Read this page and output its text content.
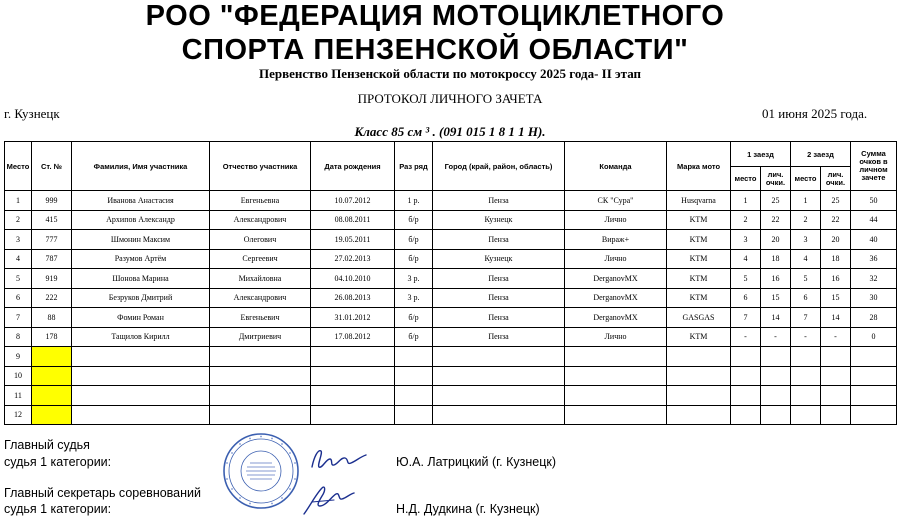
РОО "ФЕДЕРАЦИЯ МОТОЦИКЛЕТНОГО
СПОРТА ПЕНЗЕНСКОЙ ОБЛАСТИ"
Первенство Пензенской области по мотокроссу 2025 года- II этап
ПРОТОКОЛ ЛИЧНОГО ЗАЧЕТА
г. Кузнецк	01 июня 2025 года.
Класс 85 см ³ . (091 015 1 8 1 1 Н).
Место	Ст. №	Фамилия, Имя участника	Отчество участника	Дата рождения	Раз ряд	Город (край, район, область)	Команда	Марка мото	1 заезд		2 заезд		Сумма очков в личном зачете
									место	лич. очки.	место	лич. очки.	
1	999	Иванова Анастасия	Евгеньевна	10.07.2012	1 р.	Пенза	СК "Сура"	Husqvarna	1	25	1	25	50
2	415	Архипов Александр	Александрович	08.08.2011	б/р	Кузнецк	Лично	KTM	2	22	2	22	44
3	777	Шмонин Максим	Олегович	19.05.2011	б/р	Пенза	Вираж+	KTM	3	20	3	20	40
4	787	Разумов Артём	Сергеевич	27.02.2013	б/р	Кузнецк	Лично	KTM	4	18	4	18	36
5	919	Шонова Марина	Михайловна	04.10.2010	3 р.	Пенза	DerganovMX	KTM	5	16	5	16	32
6	222	Безруков Дмитрий	Александрович	26.08.2013	3 р.	Пенза	DerganovMX	KTM	6	15	6	15	30
7	88	Фомин Роман	Евгеньевич	31.01.2012	б/р	Пенза	DerganovMX	GASGAS	7	14	7	14	28
8	178	Тащилов Кирилл	Дмитриевич	17.08.2012	б/р	Пенза	Лично	KTM	-	-	-	-	0
9													
10													
11													
12													
Главный судья
судья 1 категории:	Ю.А. Латрицкий (г. Кузнецк)
Главный секретарь соревнований
судья 1 категории:	Н.Д. Дудкина (г. Кузнецк)
